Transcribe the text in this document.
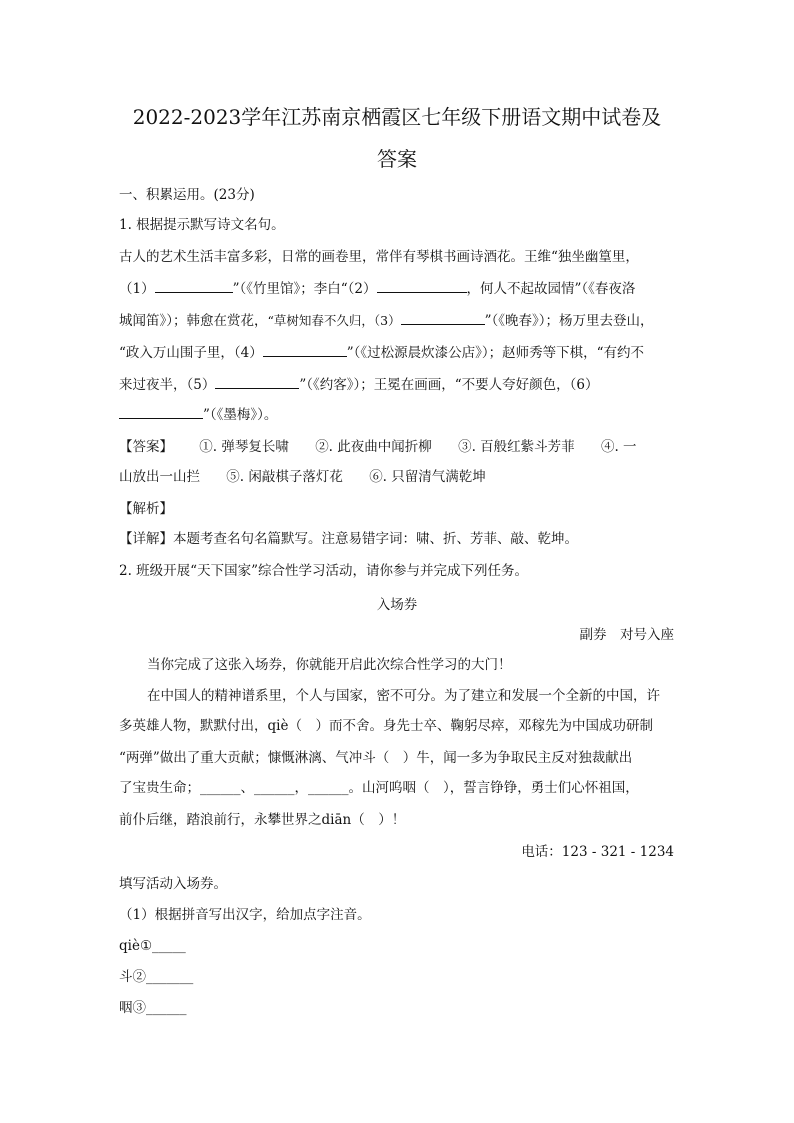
2022-2023学年江苏南京栖霞区七年级下册语文期中试卷及
答案
一、积累运用。(23分)
1. 根据提示默写诗文名句。
古人的艺术生活丰富多彩，日常的画卷里，常伴有琴棋书画诗酒花。王维“独坐幽篁里，
（1）	”（《竹里馆》；李白“（2）	，何人不起故园情”（《春夜洛
城闻笛》）；韩愈在赏花，“草树知春不久归，（3）	”（《晚春》）；杨万里去登山，
“政入万山围子里，（4）	”（《过松源晨炊漆公店》）；赵师秀等下棋，“有约不
来过夜半，（5）	”（《约客》）；王冕在画画，“不要人夸好颜色，（6）
”（《墨梅》）。
【答案】 ①. 弹琴复长啸 ②. 此夜曲中闻折柳 ③. 百般红紫斗芳菲 ④. 一
山放出一山拦 ⑤. 闲敲棋子落灯花 ⑥. 只留清气满乾坤
【解析】
【详解】本题考查名句名篇默写。注意易错字词：啸、折、芳菲、敲、乾坤。
2. 班级开展“天下国家”综合性学习活动，请你参与并完成下列任务。
入场券
副券　对号入座
当你完成了这张入场券，你就能开启此次综合性学习的大门！
在中国人的精神谱系里，个人与国家，密不可分。为了建立和发展一个全新的中国，许
多英雄人物，默默付出，qiè（　）而不舍。身先士卒、鞠躬尽瘁，邓稼先为中国成功研制
“两弹”做出了重大贡献；慷慨淋漓、气冲斗（　）牛，闻一多为争取民主反对独裁献出
了宝贵生命；______、______，______。山河呜咽（　），誓言铮铮，勇士们心怀祖国，
前仆后继，踏浪前行，永攀世界之diān（　）！
电话：123 - 321 - 1234
填写活动入场券。
（1）根据拼音写出汉字，给加点字注音。
qiè①_____
斗②_______
咽③______
